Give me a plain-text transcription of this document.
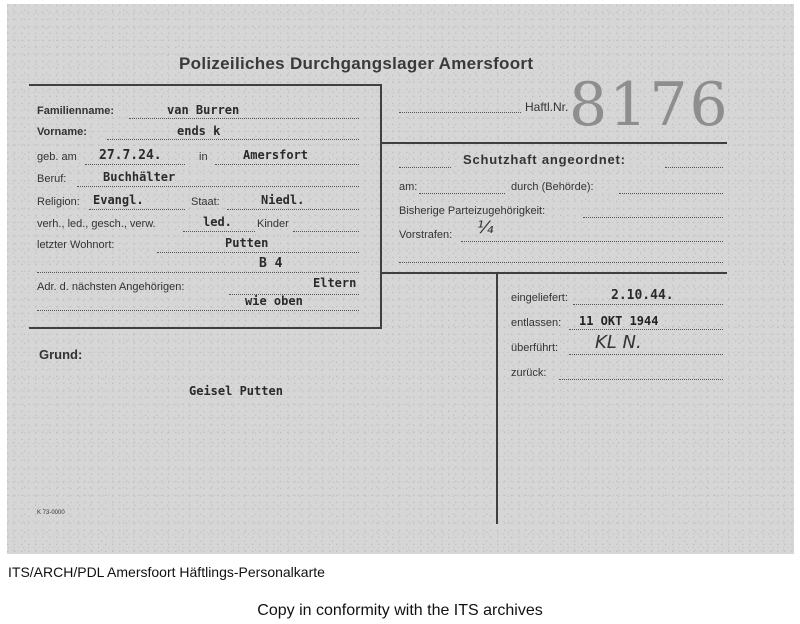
Polizeiliches Durchgangslager Amersfoort
Haftl.Nr. 8176
Familienname:	van Burren
Vorname:	ends k
geb. am 27.7.24.	in	Amersfort
Beruf:	Buchhälter
Religion: Evangl.	Staat:	Niedl.
verh., led., gesch., verw.	led. Kinder
letzter Wohnort:	Putten
B 4
Adr. d. nächsten Angehörigen:	Eltern
wie oben
Schutzhaft angeordnet:
am:	durch (Behörde):
Bisherige Parteizugehörigkeit:
Vorstrafen: ¼
Grund:
Geisel Putten
eingeliefert:	2.10.44.
entlassen: 11 OKT 1944
überführt: KL N.
zurück:
K 73-0000
ITS/ARCH/PDL Amersfoort Häftlings-Personalkarte
Copy in conformity with the ITS archives
